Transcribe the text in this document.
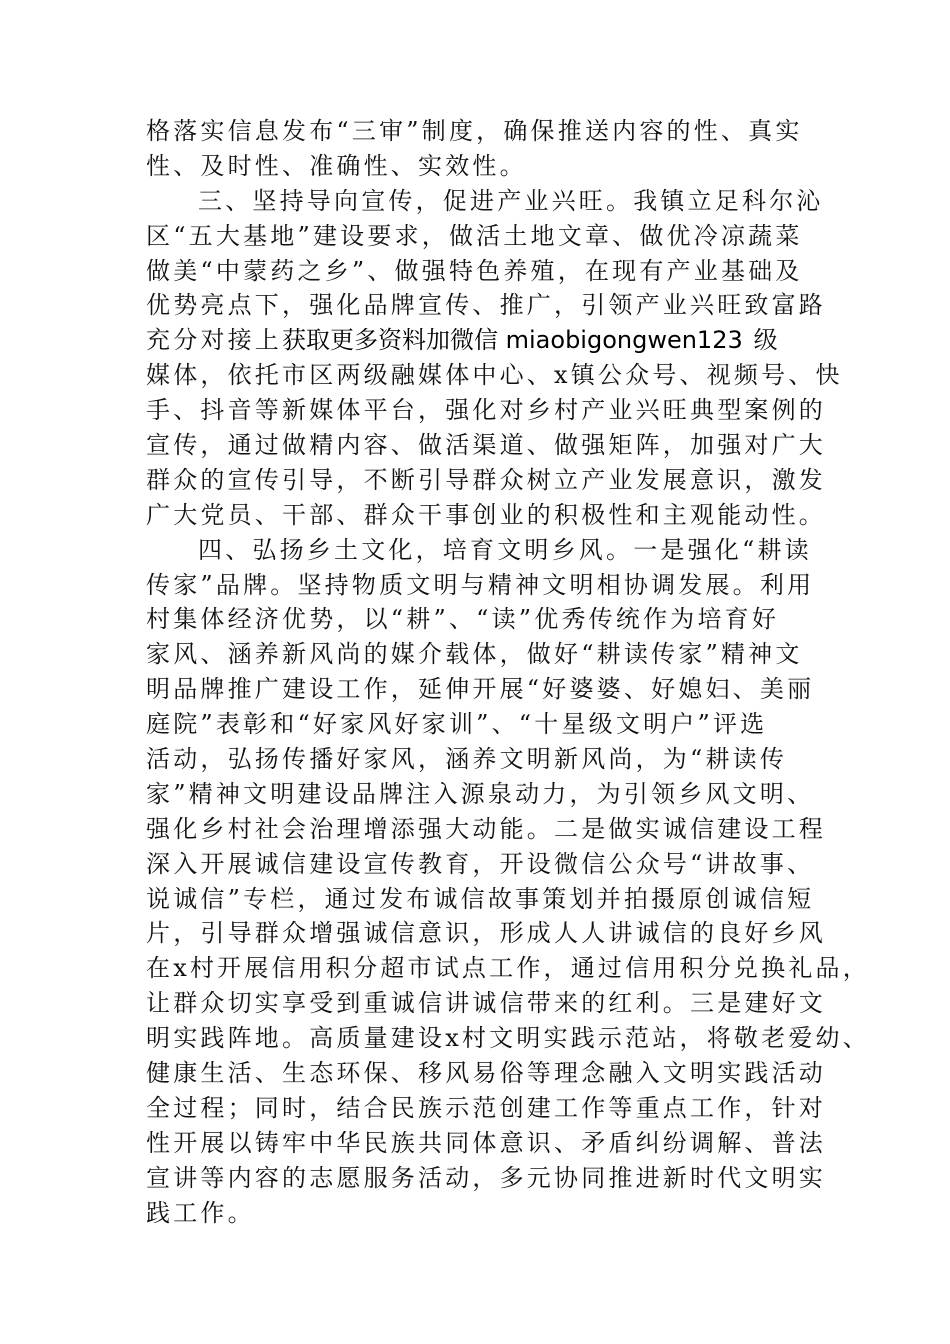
格落实信息发布“三审”制度，确保推送内容的性、真实
性、及时性、准确性、实效性。
三、坚持导向宣传，促进产业兴旺。我镇立足科尔沁
区“五大基地”建设要求，做活土地文章、做优冷凉蔬菜
做美“中蒙药之乡”、做强特色养殖，在现有产业基础及
优势亮点下，强化品牌宣传、推广，引领产业兴旺致富路
充分对接上获取更多资料加微信 miaobigongwen123 级
媒体，依托市区两级融媒体中心、x镇公众号、视频号、快
手、抖音等新媒体平台，强化对乡村产业兴旺典型案例的
宣传，通过做精内容、做活渠道、做强矩阵，加强对广大
群众的宣传引导，不断引导群众树立产业发展意识，激发
广大党员、干部、群众干事创业的积极性和主观能动性。
四、弘扬乡土文化，培育文明乡风。一是强化“耕读
传家”品牌。坚持物质文明与精神文明相协调发展。利用
村集体经济优势，以“耕”、“读”优秀传统作为培育好
家风、涵养新风尚的媒介载体，做好“耕读传家”精神文
明品牌推广建设工作，延伸开展“好婆婆、好媳妇、美丽
庭院”表彰和“好家风好家训”、“十星级文明户”评选
活动，弘扬传播好家风，涵养文明新风尚，为“耕读传
家”精神文明建设品牌注入源泉动力，为引领乡风文明、
强化乡村社会治理增添强大动能。二是做实诚信建设工程
深入开展诚信建设宣传教育，开设微信公众号“讲故事、
说诚信”专栏，通过发布诚信故事策划并拍摄原创诚信短
片，引导群众增强诚信意识，形成人人讲诚信的良好乡风
在x村开展信用积分超市试点工作，通过信用积分兑换礼品，
让群众切实享受到重诚信讲诚信带来的红利。三是建好文
明实践阵地。高质量建设x村文明实践示范站，将敬老爱幼、
健康生活、生态环保、移风易俗等理念融入文明实践活动
全过程；同时，结合民族示范创建工作等重点工作，针对
性开展以铸牢中华民族共同体意识、矛盾纠纷调解、普法
宣讲等内容的志愿服务活动，多元协同推进新时代文明实
践工作。
